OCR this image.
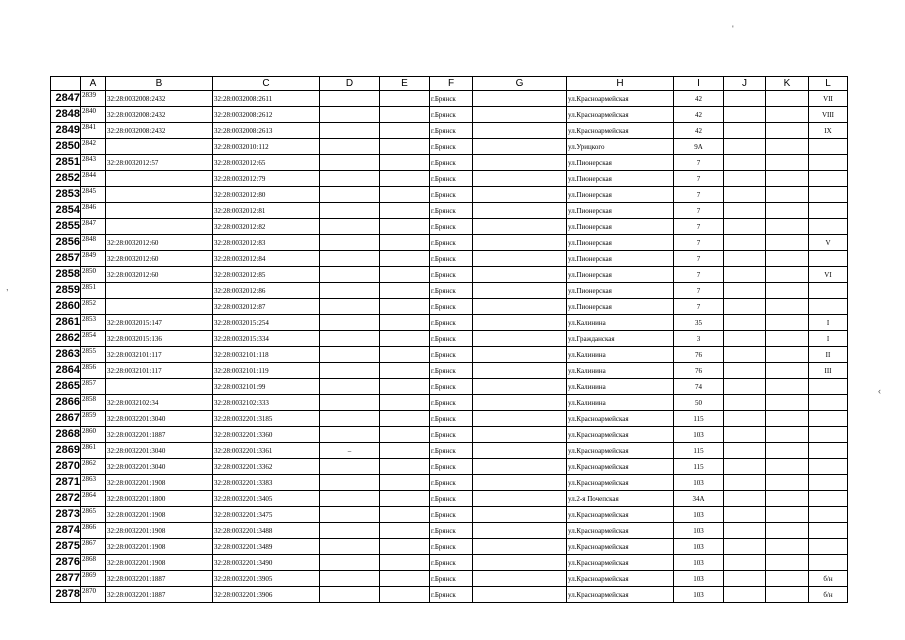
'
,
‹
	A	B	C	D	E	F	G	H	I	J	K	L
2847	2839	32:28:0032008:2432	32:28:0032008:2611			г.Брянск		ул.Красноармейская	42			VII
2848	2840	32:28:0032008:2432	32:28:0032008:2612			г.Брянск		ул.Красноармейская	42			VIII
2849	2841	32:28:0032008:2432	32:28:0032008:2613			г.Брянск		ул.Красноармейская	42			IX
2850	2842		32:28:0032010:112			г.Брянск		ул.Урицкого	9А			
2851	2843	32:28:0032012:57	32:28:0032012:65			г.Брянск		ул.Пионерская	7			
2852	2844		32:28:0032012:79			г.Брянск		ул.Пионерская	7			
2853	2845		32:28:0032012:80			г.Брянск		ул.Пионерская	7			
2854	2846		32:28:0032012:81			г.Брянск		ул.Пионерская	7			
2855	2847		32:28:0032012:82			г.Брянск		ул.Пионерская	7			
2856	2848	32:28:0032012:60	32:28:0032012:83			г.Брянск		ул.Пионерская	7			V
2857	2849	32:28:0032012:60	32:28:0032012:84			г.Брянск		ул.Пионерская	7			
2858	2850	32:28:0032012:60	32:28:0032012:85			г.Брянск		ул.Пионерская	7			VI
2859	2851		32:28:0032012:86			г.Брянск		ул.Пионерская	7			
2860	2852		32:28:0032012:87			г.Брянск		ул.Пионерская	7			
2861	2853	32:28:0032015:147	32:28:0032015:254			г.Брянск		ул.Калинина	35			I
2862	2854	32:28:0032015:136	32:28:0032015:334			г.Брянск		ул.Гражданская	3			I
2863	2855	32:28:0032101:117	32:28:0032101:118			г.Брянск		ул.Калинина	76			II
2864	2856	32:28:0032101:117	32:28:0032101:119			г.Брянск		ул.Калинина	76			III
2865	2857		32:28:0032101:99			г.Брянск		ул.Калинина	74			
2866	2858	32:28:0032102:34	32:28:0032102:333			г.Брянск		ул.Калинина	50			
2867	2859	32:28:0032201:3040	32:28:0032201:3185			г.Брянск		ул.Красноармейская	115			
2868	2860	32:28:0032201:1887	32:28:0032201:3360			г.Брянск		ул.Красноармейская	103			
2869	2861	32:28:0032201:3040	32:28:0032201:3361	–		г.Брянск		ул.Красноармейская	115			
2870	2862	32:28:0032201:3040	32:28:0032201:3362			г.Брянск		ул.Красноармейская	115			
2871	2863	32:28:0032201:1908	32:28:0032201:3383			г.Брянск		ул.Красноармейская	103			
2872	2864	32:28:0032201:1800	32:28:0032201:3405			г.Брянск		ул.2-я Почепская	34А			
2873	2865	32:28:0032201:1908	32:28:0032201:3475			г.Брянск		ул.Красноармейская	103			
2874	2866	32:28:0032201:1908	32:28:0032201:3488			г.Брянск		ул.Красноармейская	103			
2875	2867	32:28:0032201:1908	32:28:0032201:3489			г.Брянск		ул.Красноармейская	103			
2876	2868	32:28:0032201:1908	32:28:0032201:3490			г.Брянск		ул.Красноармейская	103			
2877	2869	32:28:0032201:1887	32:28:0032201:3905			г.Брянск		ул.Красноармейская	103			б/н
2878	2870	32:28:0032201:1887	32:28:0032201:3906			г.Брянск		ул.Красноармейская	103			б/н
